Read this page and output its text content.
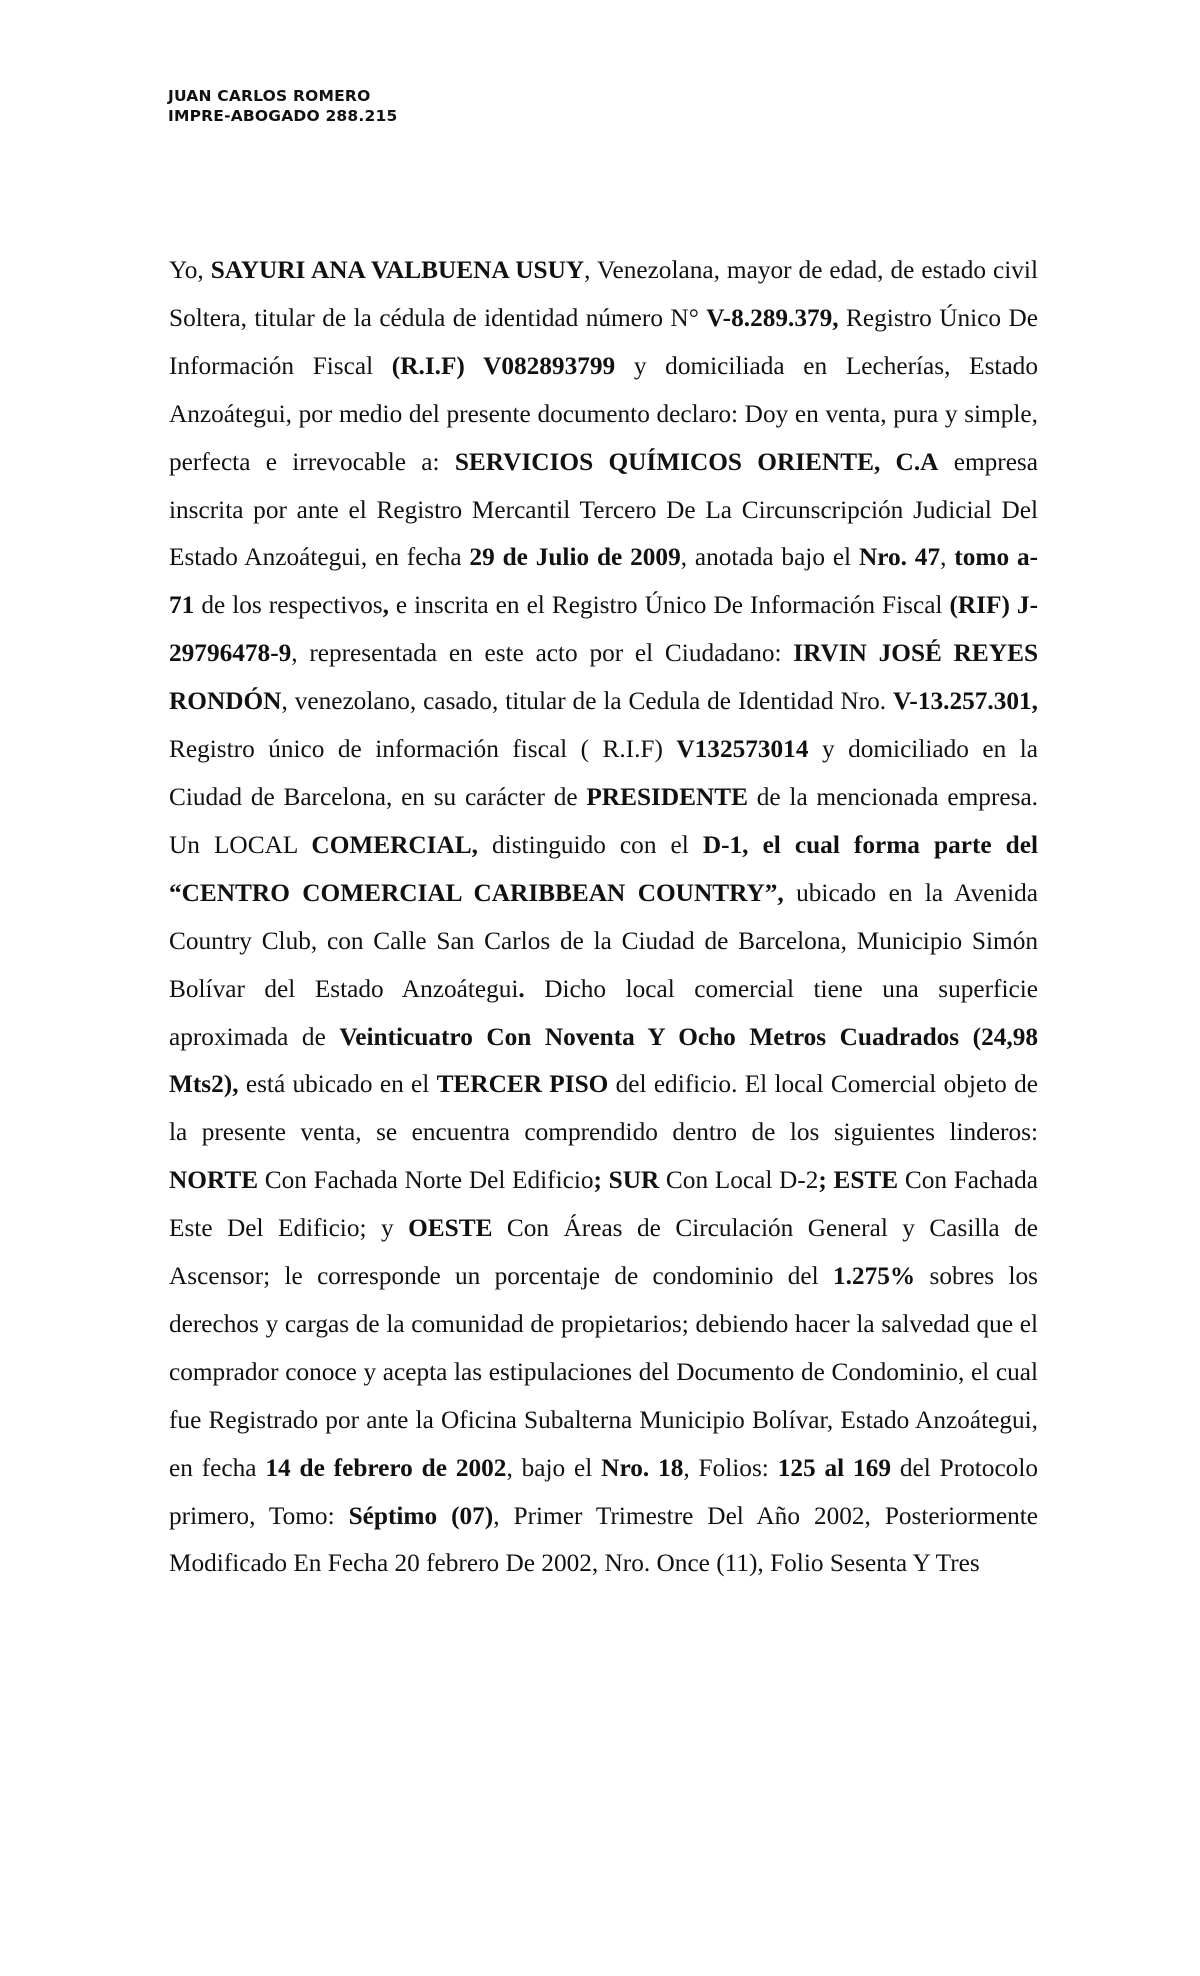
JUAN CARLOS ROMERO
IMPRE-ABOGADO 288.215

Yo, SAYURI ANA VALBUENA USUY, Venezolana, mayor de edad, de estado civil Soltera, titular de la cédula de identidad número N° V-8.289.379, Registro Único De Información Fiscal (R.I.F) V082893799 y domiciliada en Lecherías, Estado Anzoátegui, por medio del presente documento declaro: Doy en venta, pura y simple, perfecta e irrevocable a: SERVICIOS QUÍMICOS ORIENTE, C.A empresa inscrita por ante el Registro Mercantil Tercero De La Circunscripción Judicial Del Estado Anzoátegui, en fecha 29 de Julio de 2009, anotada bajo el Nro. 47, tomo a-71 de los respectivos, e inscrita en el Registro Único De Información Fiscal (RIF) J-29796478-9, representada en este acto por el Ciudadano: IRVIN JOSÉ REYES RONDÓN, venezolano, casado, titular de la Cedula de Identidad Nro. V-13.257.301, Registro único de información fiscal ( R.I.F) V132573014 y domiciliado en la Ciudad de Barcelona, en su carácter de PRESIDENTE de la mencionada empresa. Un LOCAL COMERCIAL, distinguido con el D-1, el cual forma parte del “CENTRO COMERCIAL CARIBBEAN COUNTRY”, ubicado en la Avenida Country Club, con Calle San Carlos de la Ciudad de Barcelona, Municipio Simón Bolívar del Estado Anzoátegui. Dicho local comercial tiene una superficie aproximada de Veinticuatro Con Noventa Y Ocho Metros Cuadrados (24,98 Mts2), está ubicado en el TERCER PISO del edificio. El local Comercial objeto de la presente venta, se encuentra comprendido dentro de los siguientes linderos: NORTE Con Fachada Norte Del Edificio; SUR Con Local D-2; ESTE Con Fachada Este Del Edificio; y OESTE Con Áreas de Circulación General y Casilla de Ascensor; le corresponde un porcentaje de condominio del 1.275% sobres los derechos y cargas de la comunidad de propietarios; debiendo hacer la salvedad que el comprador conoce y acepta las estipulaciones del Documento de Condominio, el cual fue Registrado por ante la Oficina Subalterna Municipio Bolívar, Estado Anzoátegui, en fecha 14 de febrero de 2002, bajo el Nro. 18, Folios: 125 al 169 del Protocolo primero, Tomo: Séptimo (07), Primer Trimestre Del Año 2002, Posteriormente Modificado En Fecha 20 febrero De 2002, Nro. Once (11), Folio Sesenta Y Tres
